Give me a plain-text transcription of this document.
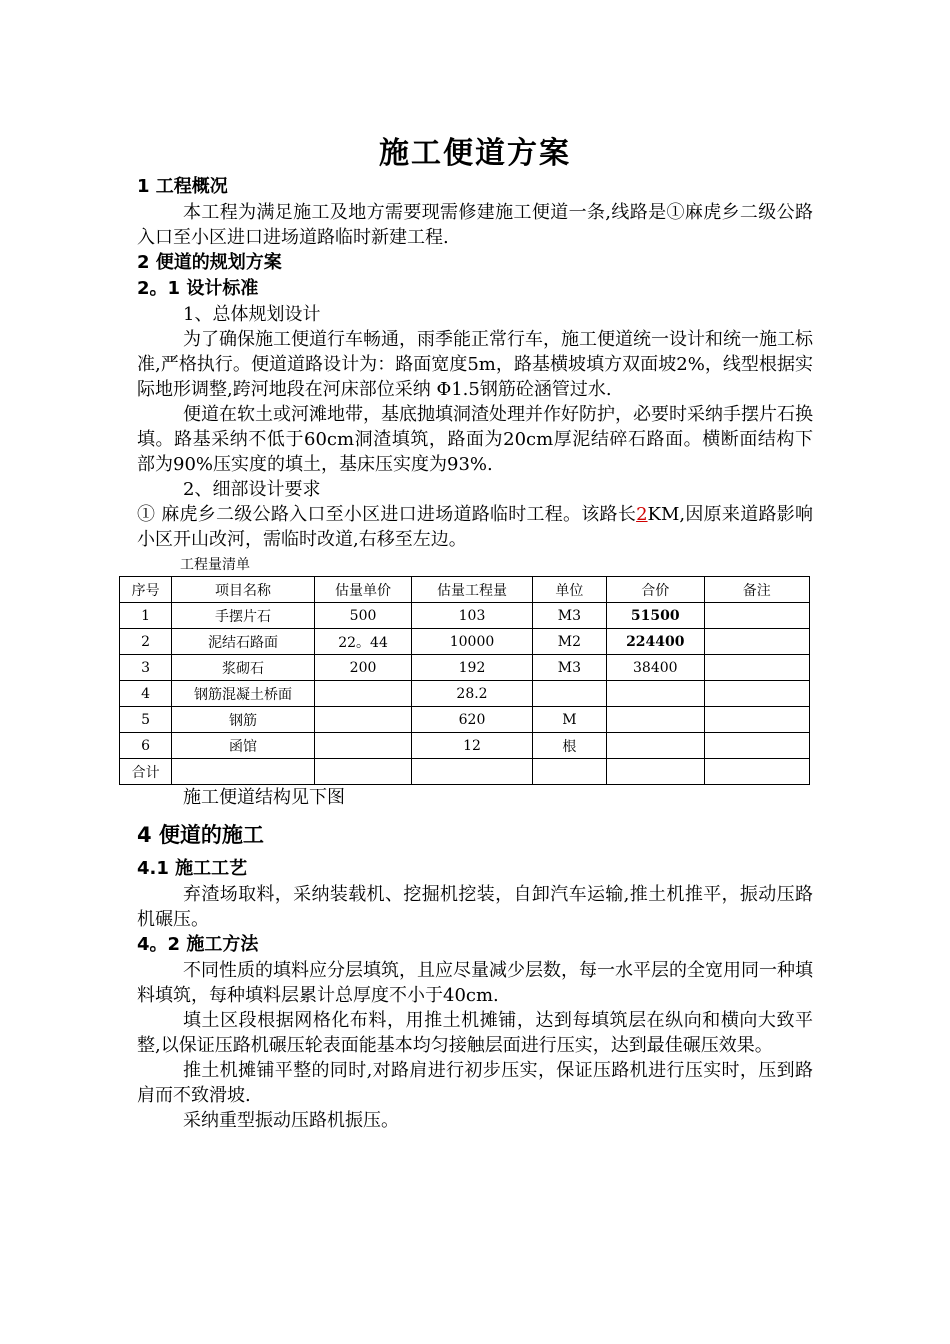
施工便道方案
1 工程概况

本工程为满足施工及地方需要现需修建施工便道一条,线路是①麻虎乡二级公路入口至小区进口进场道路临时新建工程.

2 便道的规划方案
2。1 设计标准
1、总体规划设计

为了确保施工便道行车畅通，雨季能正常行车，施工便道统一设计和统一施工标准,严格执行。便道道路设计为：路面宽度5m，路基横坡填方双面坡2%，线型根据实际地形调整,跨河地段在河床部位采纳 Φ1.5钢筋砼涵管过水.

便道在软土或河滩地带，基底抛填洞渣处理并作好防护，必要时采纳手摆片石换填。路基采纳不低于60cm洞渣填筑，路面为20cm厚泥结碎石路面。横断面结构下部为90%压实度的填土，基床压实度为93%.

2、细部设计要求

① 麻虎乡二级公路入口至小区进口进场道路临时工程。该路长2KM,因原来道路影响小区开山改河，需临时改道,右移至左边。

工程量清单
序号	项目名称	估量单价	估量工程量	单位	合价	备注
1	手摆片石	500	103	M3	51500	
2	泥结石路面	22。44	10000	M2	224400	
3	浆砌石	200	192	M3	38400	
4	钢筋混凝土桥面		28.2			
5	钢筋		620	M		
6	函馆		12	根		
合计						
施工便道结构见下图
4 便道的施工
4.1 施工工艺

弃渣场取料，采纳装载机、挖掘机挖装，自卸汽车运输,推土机推平，振动压路机碾压。

4。2 施工方法

不同性质的填料应分层填筑，且应尽量减少层数，每一水平层的全宽用同一种填料填筑，每种填料层累计总厚度不小于40cm.

填土区段根据网格化布料，用推土机摊铺，达到每填筑层在纵向和横向大致平整,以保证压路机碾压轮表面能基本均匀接触层面进行压实，达到最佳碾压效果。

推土机摊铺平整的同时,对路肩进行初步压实，保证压路机进行压实时，压到路肩而不致滑坡.

采纳重型振动压路机振压。
